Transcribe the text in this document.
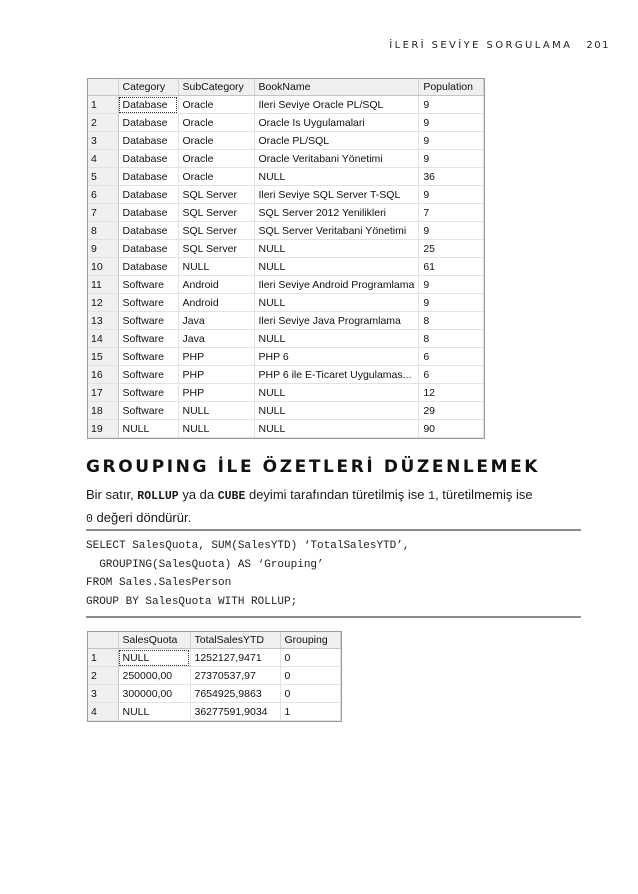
İLERİ SEVİYE SORGULAMA 201
	Category	SubCategory	BookName	Population
1	Database	Oracle	Ileri Seviye Oracle PL/SQL	9
2	Database	Oracle	Oracle Is Uygulamalari	9
3	Database	Oracle	Oracle PL/SQL	9
4	Database	Oracle	Oracle Veritabani Yönetimi	9
5	Database	Oracle	NULL	36
6	Database	SQL Server	Ileri Seviye SQL Server T-SQL	9
7	Database	SQL Server	SQL Server 2012 Yenilikleri	7
8	Database	SQL Server	SQL Server Veritabani Yönetimi	9
9	Database	SQL Server	NULL	25
10	Database	NULL	NULL	61
11	Software	Android	Ileri Seviye Android Programlama	9
12	Software	Android	NULL	9
13	Software	Java	Ileri Seviye Java Programlama	8
14	Software	Java	NULL	8
15	Software	PHP	PHP 6	6
16	Software	PHP	PHP 6 ile E-Ticaret Uygulamas...	6
17	Software	PHP	NULL	12
18	Software	NULL	NULL	29
19	NULL	NULL	NULL	90
GROUPING İLE ÖZETLERİ DÜZENLEMEK

Bir satır, ROLLUP ya da CUBE deyimi tarafından türetilmiş ise 1, türetilmemiş ise
0 değeri döndürür.

SELECT SalesQuota, SUM(SalesYTD) ‘TotalSalesYTD’,
GROUPING(SalesQuota) AS ‘Grouping’
FROM Sales.SalesPerson
GROUP BY SalesQuota WITH ROLLUP;
	SalesQuota	TotalSalesYTD	Grouping
1	NULL	1252127,9471	0
2	250000,00	27370537,97	0
3	300000,00	7654925,9863	0
4	NULL	36277591,9034	1
